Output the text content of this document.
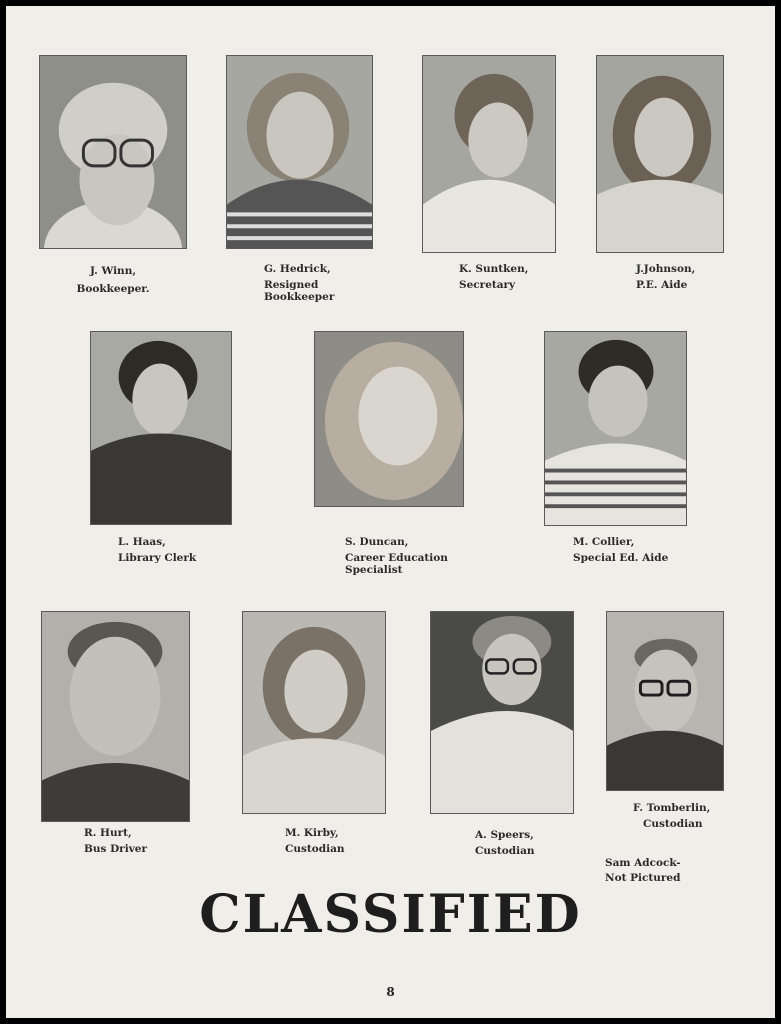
J. Winn,
Bookkeeper.
G. Hedrick,
Resigned
Bookkeeper
K. Suntken,
Secretary
J.Johnson,
P.E. Aide
L. Haas,
Library Clerk
S. Duncan,
Career Education
Specialist
M. Collier,
Special Ed. Aide
R. Hurt,
Bus Driver
M. Kirby,
Custodian
A. Speers,
Custodian
F. Tomberlin,
Custodian
Sam Adcock-
Not Pictured
CLASSIFIED
8
